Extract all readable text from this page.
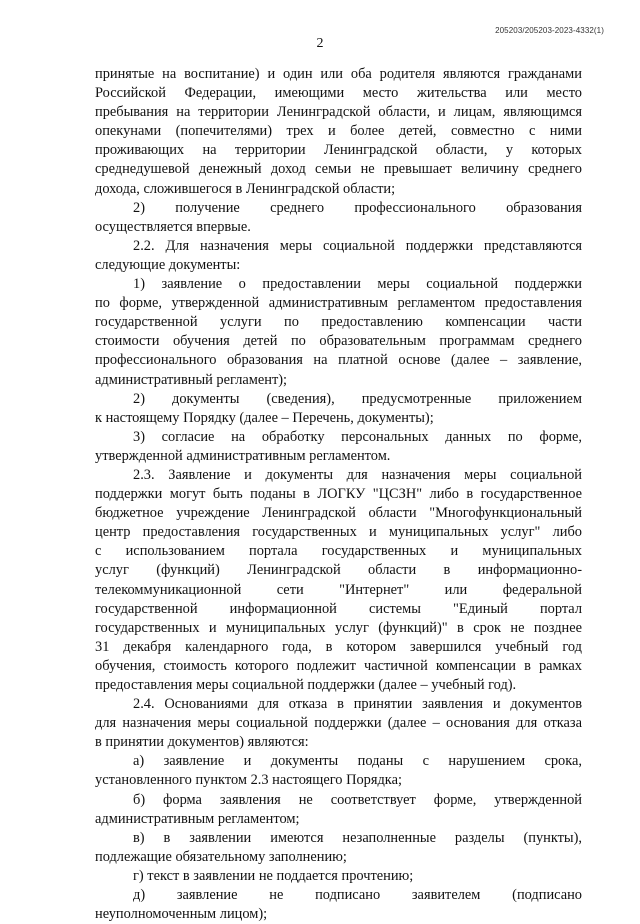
205203/205203-2023-4332(1)
2

принятые на воспитание) и один или оба родителя являются гражданами

Российской Федерации, имеющими место жительства или место

пребывания на территории Ленинградской области, и лицам, являющимся

опекунами (попечителями) трех и более детей, совместно с ними

проживающих на территории Ленинградской области, у которых

среднедушевой денежный доход семьи не превышает величину среднего

дохода, сложившегося в Ленинградской области;

2) получение среднего профессионального образования

осуществляется впервые.

2.2. Для назначения меры социальной поддержки представляются

следующие документы:

1) заявление о предоставлении меры социальной поддержки

по форме, утвержденной административным регламентом предоставления

государственной услуги по предоставлению компенсации части

стоимости обучения детей по образовательным программам среднего

профессионального образования на платной основе (далее – заявление,

административный регламент);

2) документы (сведения), предусмотренные приложением

к настоящему Порядку (далее – Перечень, документы);

3) согласие на обработку персональных данных по форме,

утвержденной административным регламентом.

2.3. Заявление и документы для назначения меры социальной

поддержки могут быть поданы в ЛОГКУ "ЦСЗН" либо в государственное

бюджетное учреждение Ленинградской области "Многофункциональный

центр предоставления государственных и муниципальных услуг" либо

с использованием портала государственных и муниципальных

услуг (функций) Ленинградской области в информационно-

телекоммуникационной сети "Интернет" или федеральной

государственной информационной системы "Единый портал

государственных и муниципальных услуг (функций)" в срок не позднее

31 декабря календарного года, в котором завершился учебный год

обучения, стоимость которого подлежит частичной компенсации в рамках

предоставления меры социальной поддержки (далее – учебный год).

2.4. Основаниями для отказа в принятии заявления и документов

для назначения меры социальной поддержки (далее – основания для отказа

в принятии документов) являются:

а) заявление и документы поданы с нарушением срока,

установленного пунктом 2.3 настоящего Порядка;

б) форма заявления не соответствует форме, утвержденной

административным регламентом;

в) в заявлении имеются незаполненные разделы (пункты),

подлежащие обязательному заполнению;

г) текст в заявлении не поддается прочтению;

д) заявление не подписано заявителем (подписано

неуполномоченным лицом);
